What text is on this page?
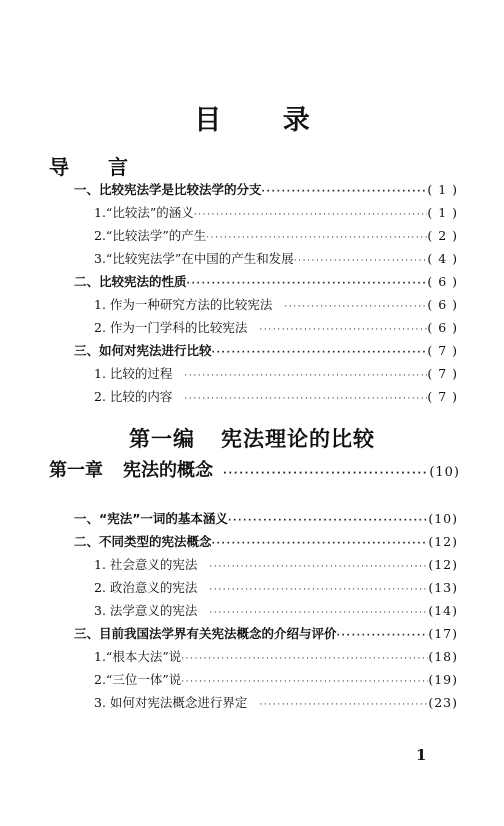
目 录
导 言
一、比较宪法学是比较法学的分支 ·····	( 1 )
1.“比较法”的涵义 ·····	( 1 )
2.“比较法学”的产生 ·····	( 2 )
3.“比较宪法学”在中国的产生和发展 ·····	( 4 )
二、比较宪法的性质 ·····	( 6 )
1. 作为一种研究方法的比较宪法 ·····	( 6 )
2. 作为一门学科的比较宪法 ·····	( 6 )
三、如何对宪法进行比较 ·····	( 7 )
1. 比较的过程 ·····	( 7 )
2. 比较的内容 ·····	( 7 )
第一编 宪法理论的比较
第一章 宪法的概念 ·····	(10)
一、“宪法”一词的基本涵义 ·····	(10)
二、不同类型的宪法概念 ·····	(12)
1. 社会意义的宪法 ·····	(12)
2. 政治意义的宪法 ·····	(13)
3. 法学意义的宪法 ·····	(14)
三、目前我国法学界有关宪法概念的介绍与评价 ·····	(17)
1.“根本大法”说 ·····	(18)
2.“三位一体”说 ·····	(19)
3. 如何对宪法概念进行界定 ·····	(23)
1
